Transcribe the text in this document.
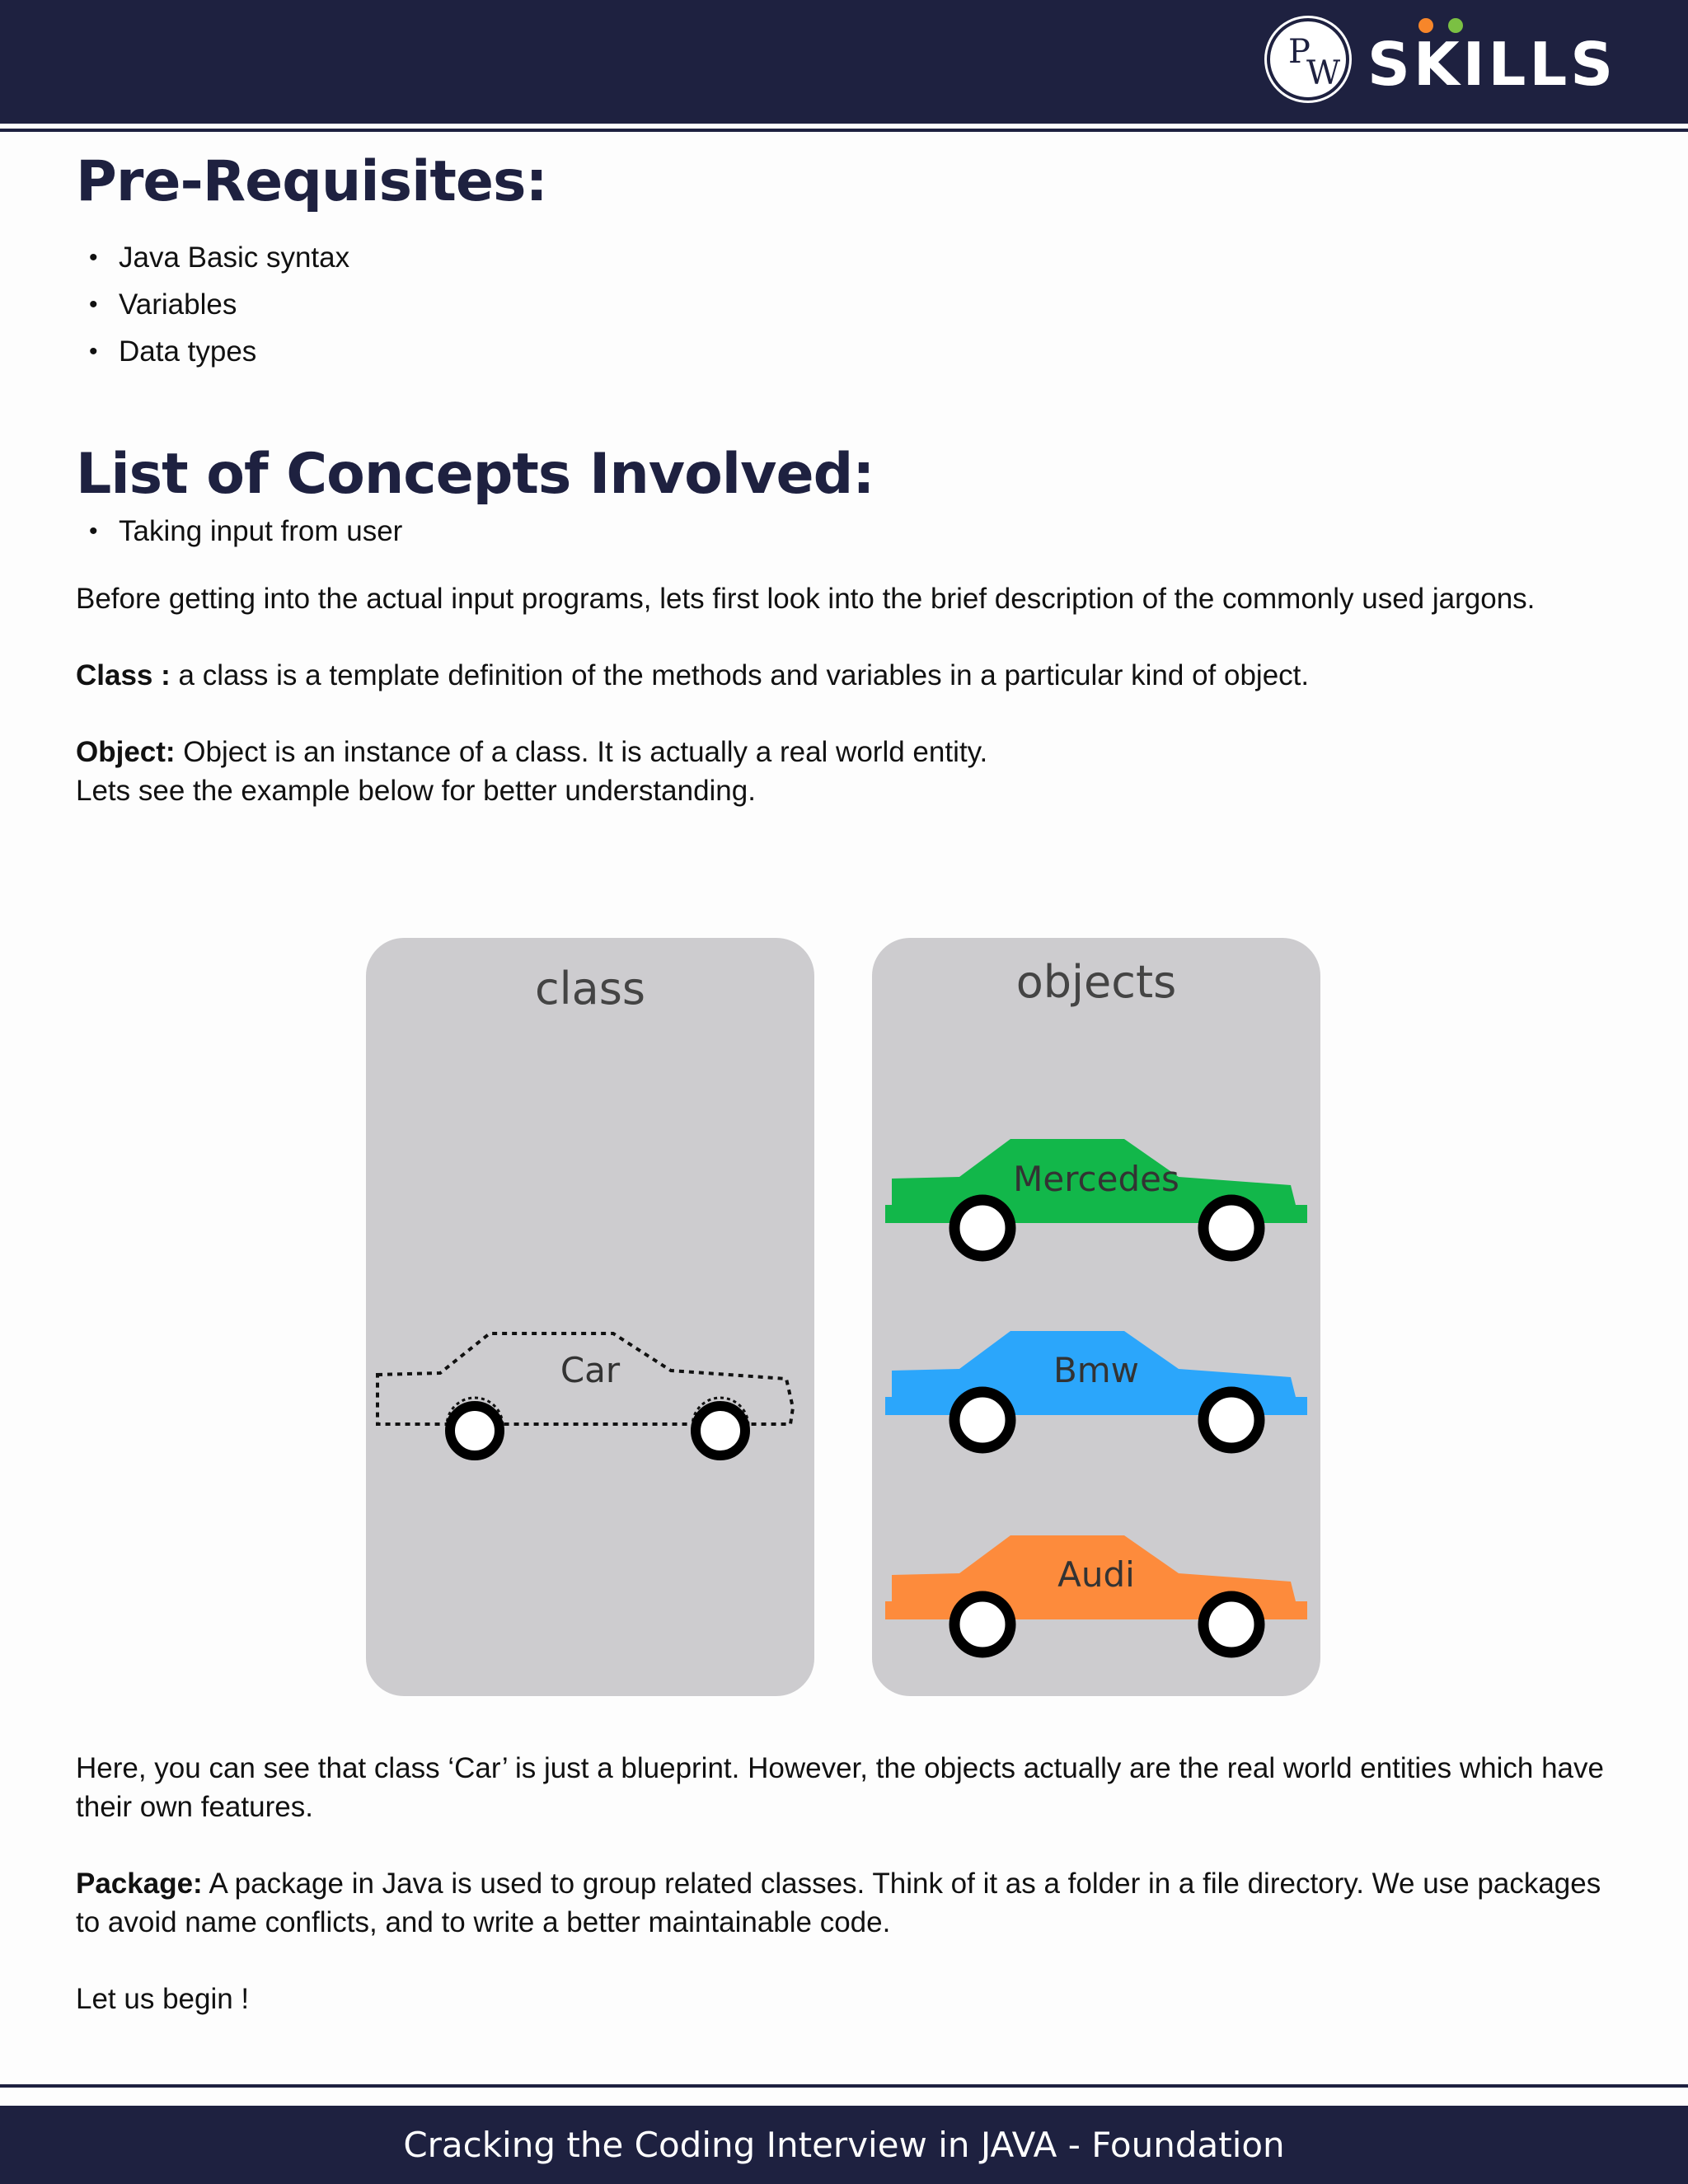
P
W SKILLS
Pre-Requisites:
• Java Basic syntax
• Variables
• Data types
List of Concepts Involved:
• Taking input from user

Before getting into the actual input programs, lets first look into the brief description of the commonly used jargons.

Class : a class is a template definition of the methods and variables in a particular kind of object.

Object: Object is an instance of a class. It is actually a real world entity.

Lets see the example below for better understanding.

class
Car
objects
Mercedes
Bmw
Audi

Here, you can see that class ‘Car’ is just a blueprint. However, the objects actually are the real world entities which have their own features.

Package: A package in Java is used to group related classes. Think of it as a folder in a file directory. We use packages to avoid name conflicts, and to write a better maintainable code.

Let us begin !

Cracking the Coding Interview in JAVA - Foundation
